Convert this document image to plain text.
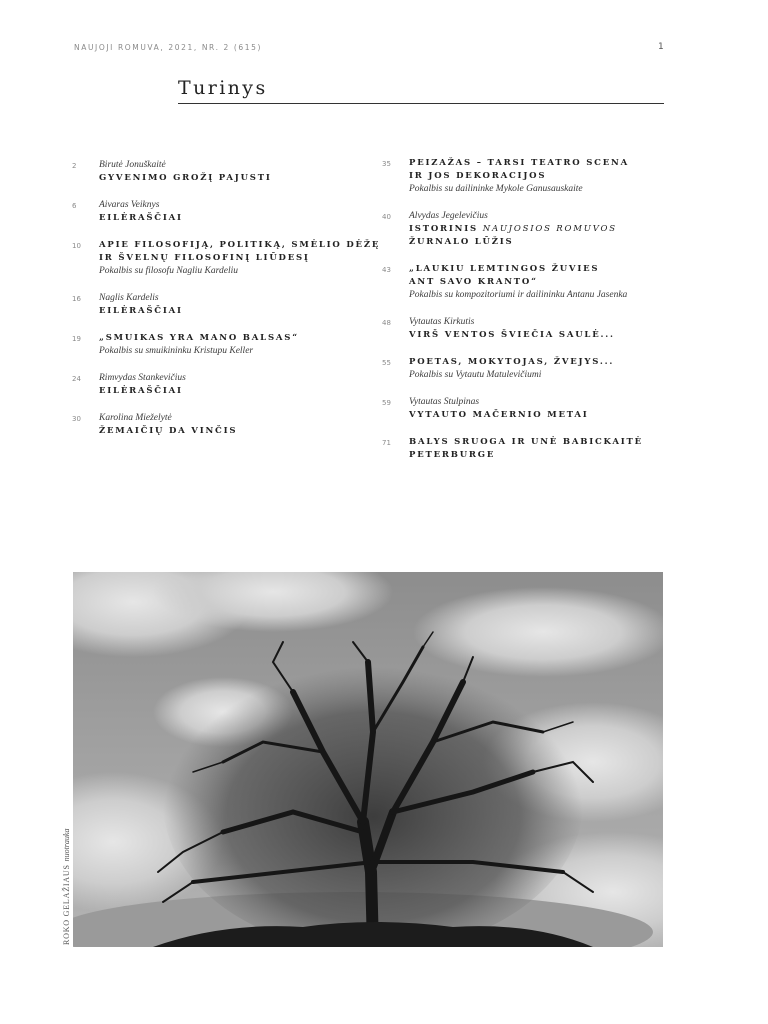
NAUJOJI ROMUVA, 2021, NR. 2 (615)	1
Turinys
2 Birutė Jonuškaitė
GYVENIMO GROŽĮ PAJUSTI
6 Aivaras Veiknys
EILĖRAŠČIAI
10 APIE FILOSOFIJĄ, POLITIKĄ, SMĖLIO DĖŽĘ
IR ŠVELNŲ FILOSOFINĮ LIŪDESĮ
Pokalbis su filosofu Nagliu Kardeliu
16 Naglis Kardelis
EILĖRAŠČIAI
19 „SMUIKAS YRA MANO BALSAS“
Pokalbis su smuikininku Kristupu Keller
24 Rimvydas Stankevičius
EILĖRAŠČIAI
30 Karolina Mieželytė
ŽEMAIČIŲ DA VINČIS
35 PEIZAŽAS – TARSI TEATRO SCENA
IR JOS DEKORACIJOS
Pokalbis su dailininke Mykole Ganusauskaite
40 Alvydas Jegelevičius
ISTORINIS NAUJOSIOS ROMUVOS
ŽURNALO LŪŽIS
43 „LAUKIU LEMTINGOS ŽUVIES
ANT SAVO KRANTO“
Pokalbis su kompozitoriumi ir dailininku Antanu Jasenka
48 Vytautas Kirkutis
VIRŠ VENTOS ŠVIEČIA SAULĖ...
55 POETAS, MOKYTOJAS, ŽVEJYS...
Pokalbis su Vytautu Matulevičiumi
59 Vytautas Stulpinas
VYTAUTO MAČERNIO METAI
71 BALYS SRUOGA IR UNĖ BABICKAITĖ
PETERBURGE
ROKO GELAŽIAUS nuotrauka
